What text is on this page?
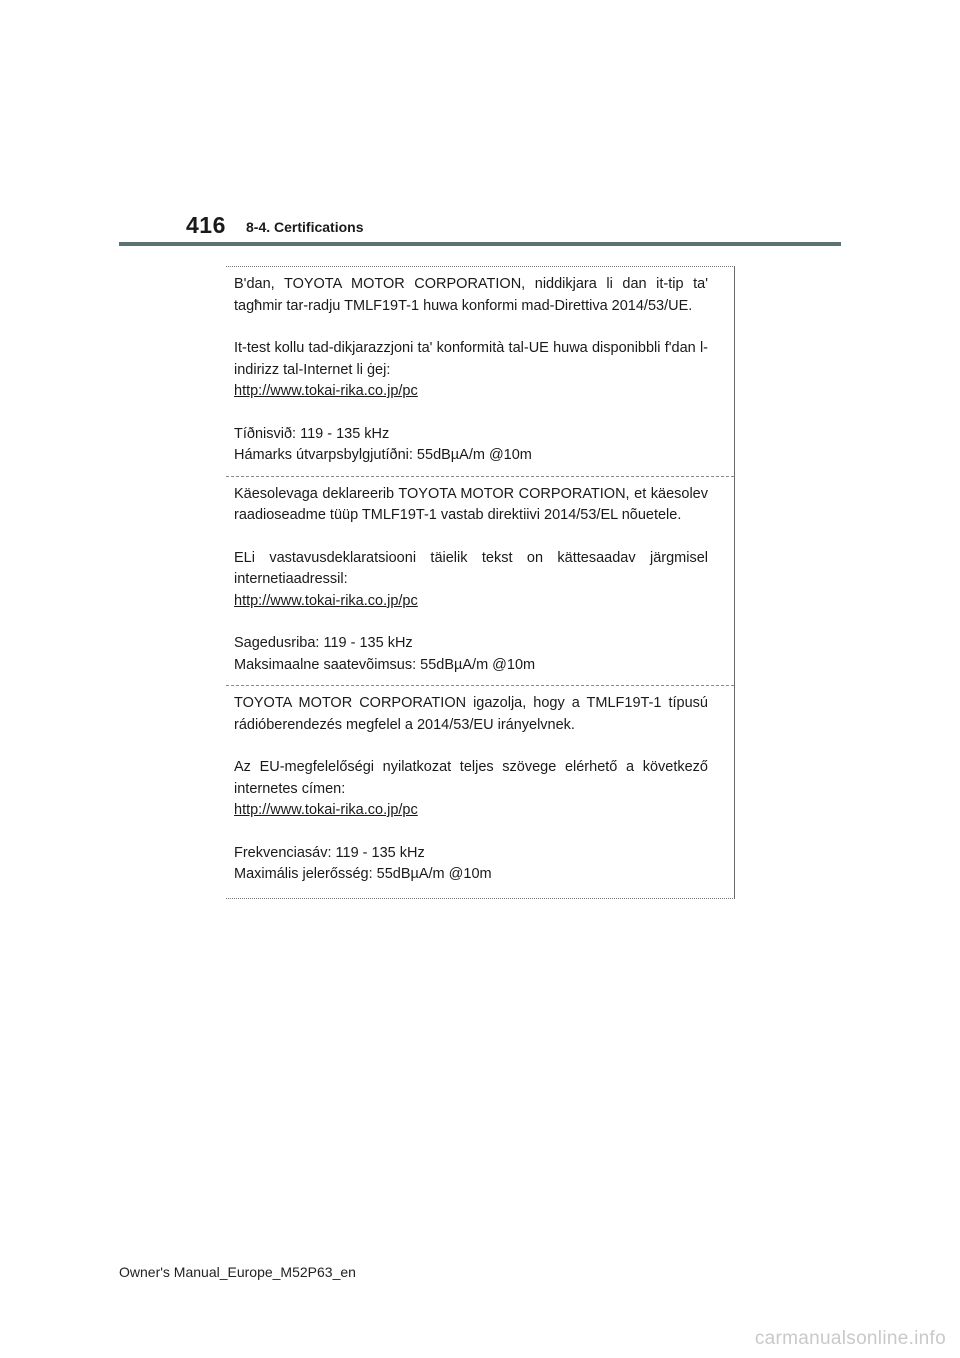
416 8-4. Certifications

B'dan, TOYOTA MOTOR CORPORATION, niddikjara li dan it-tip ta' tagħmir tar-radju TMLF19T-1 huwa konformi mad-Direttiva 2014/53/UE.

It-test kollu tad-dikjarazzjoni ta' konformità tal-UE huwa disponibbli f'dan l-indirizz tal-Internet li ġej:
http://www.tokai-rika.co.jp/pc

Tíðnisvið: 119 - 135 kHz
Hámarks útvarpsbylgjutíðni: 55dBµA/m @10m

Käesolevaga deklareerib TOYOTA MOTOR CORPORATION, et käesolev raadioseadme tüüp TMLF19T-1 vastab direktiivi 2014/53/EL nõuetele.

ELi vastavusdeklaratsiooni täielik tekst on kättesaadav järgmisel internetiaadressil:
http://www.tokai-rika.co.jp/pc

Sagedusriba: 119 - 135 kHz
Maksimaalne saatevõimsus: 55dBµA/m @10m

TOYOTA MOTOR CORPORATION igazolja, hogy a TMLF19T-1 típusú rádióberendezés megfelel a 2014/53/EU irányelvnek.

Az EU-megfelelőségi nyilatkozat teljes szövege elérhető a következő internetes címen:
http://www.tokai-rika.co.jp/pc

Frekvenciasáv: 119 - 135 kHz
Maximális jelerősség: 55dBµA/m @10m

Owner's Manual_Europe_M52P63_en
carmanualsonline.info
